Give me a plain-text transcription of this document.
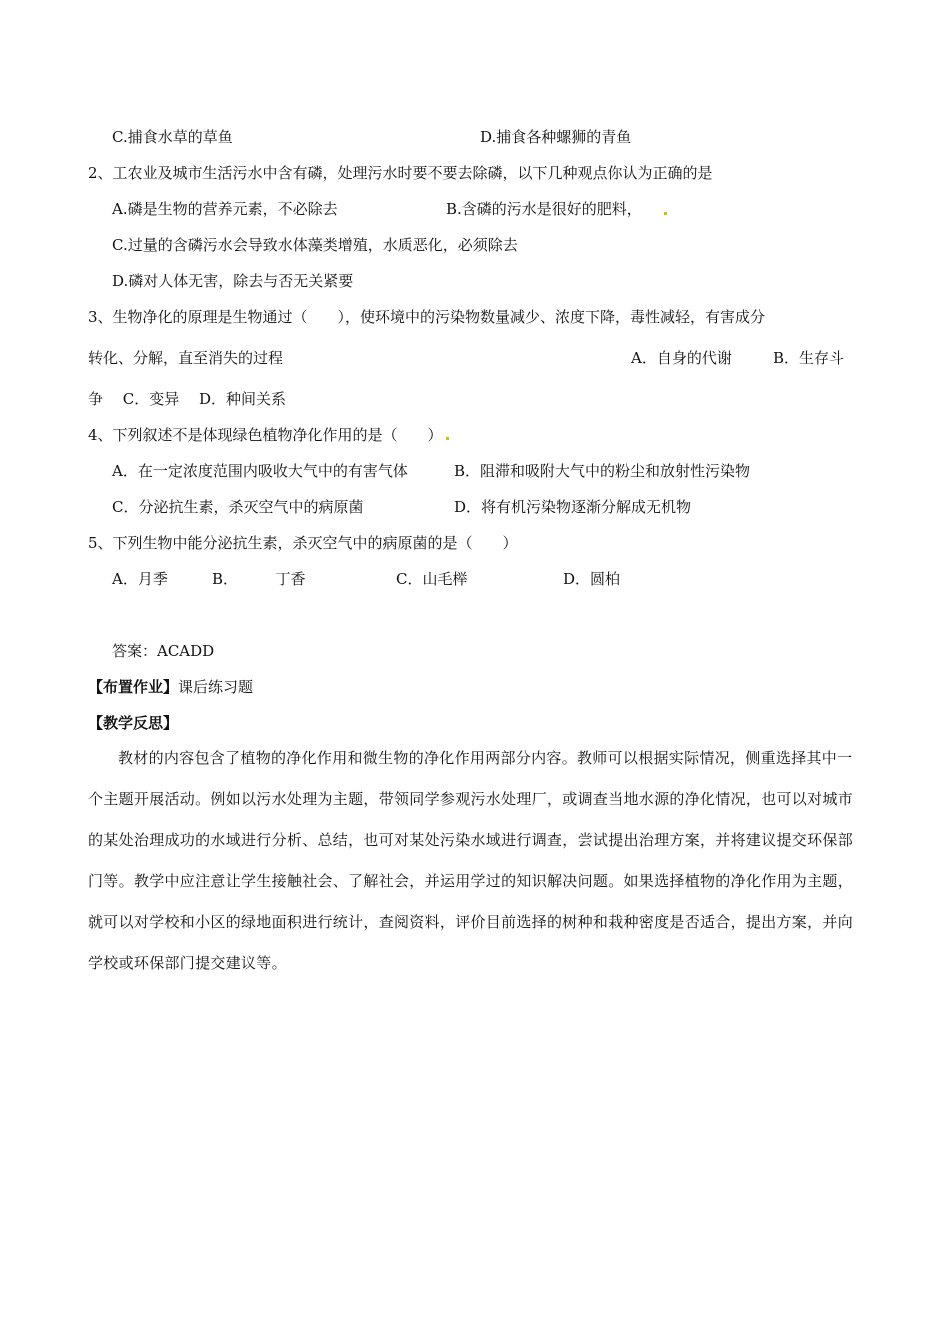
C.捕食水草的草鱼	D.捕食各种螺狮的青鱼
2、工农业及城市生活污水中含有磷，处理污水时要不要去除磷，以下几种观点你认为正确的是
A.磷是生物的营养元素，不必除去	B.含磷的污水是很好的肥料，
C.过量的含磷污水会导致水体藻类增殖，水质恶化，必须除去
D.磷对人体无害，除去与否无关紧要
3、生物净化的原理是生物通过（　　），使环境中的污染物数量减少、浓度下降，毒性减轻，有害成分
转化、分解，直至消失的过程	A．自身的代谢	B．生存斗
争　 C．变异　 D．种间关系
4、下列叙述不是体现绿色植物净化作用的是（　　）
A．在一定浓度范围内吸收大气中的有害气体	B．阻滞和吸附大气中的粉尘和放射性污染物
C．分泌抗生素，杀灭空气中的病原菌	D．将有机污染物逐渐分解成无机物
5、下列生物中能分泌抗生素，杀灭空气中的病原菌的是（　　）
A．月季	B．　　　丁香	C．山毛榉	D．圆柏
答案：ACADD
【布置作业】课后练习题
【教学反思】
教材的内容包含了植物的净化作用和微生物的净化作用两部分内容。教师可以根据实际情况，侧重选择其中一个主题开展活动。例如以污水处理为主题，带领同学参观污水处理厂，或调查当地水源的净化情况，也可以对城市的某处治理成功的水域进行分析、总结，也可对某处污染水域进行调查，尝试提出治理方案，并将建议提交环保部门等。教学中应注意让学生接触社会、了解社会，并运用学过的知识解决问题。如果选择植物的净化作用为主题，就可以对学校和小区的绿地面积进行统计，查阅资料，评价目前选择的树种和栽种密度是否适合，提出方案，并向学校或环保部门提交建议等。
